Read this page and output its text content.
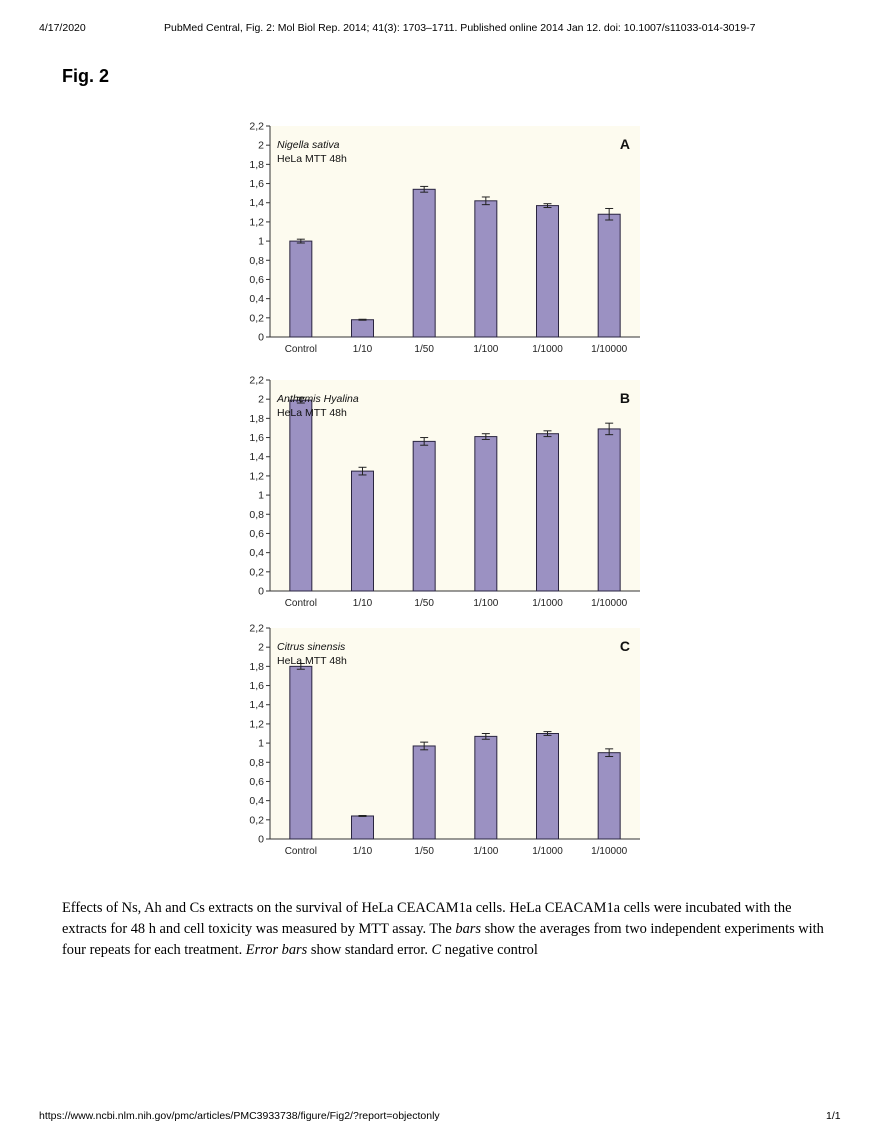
4/17/2020	PubMed Central, Fig. 2: Mol Biol Rep. 2014; 41(3): 1703–1711. Published online 2014 Jan 12. doi: 10.1007/s11033-014-3019-7
Fig. 2
0
0,2
0,4
0,6
0,8
1
1,2
1,4
1,6
1,8
2
2,2
Control	1/10	1/50	1/100	1/1000	1/10000
Nigella sativa
HeLa MTT 48h
A
0
0,2
0,4
0,6
0,8
1
1,2
1,4
1,6
1,8
2
2,2
Control	1/10	1/50	1/100	1/1000	1/10000
Anthemis Hyalina
HeLa MTT 48h
B
0
0,2
0,4
0,6
0,8
1
1,2
1,4
1,6
1,8
2
2,2
Control	1/10	1/50	1/100	1/1000	1/10000
Citrus sinensis
HeLa MTT 48h
C
Effects of Ns, Ah and Cs extracts on the survival of HeLa CEACAM1a cells. HeLa CEACAM1a cells were incubated with the extracts for 48 h and cell toxicity was measured by MTT assay. The bars show the averages from two independent experiments with four repeats for each treatment. Error bars show standard error. C negative control
https://www.ncbi.nlm.nih.gov/pmc/articles/PMC3933738/figure/Fig2/?report=objectonly	1/1
